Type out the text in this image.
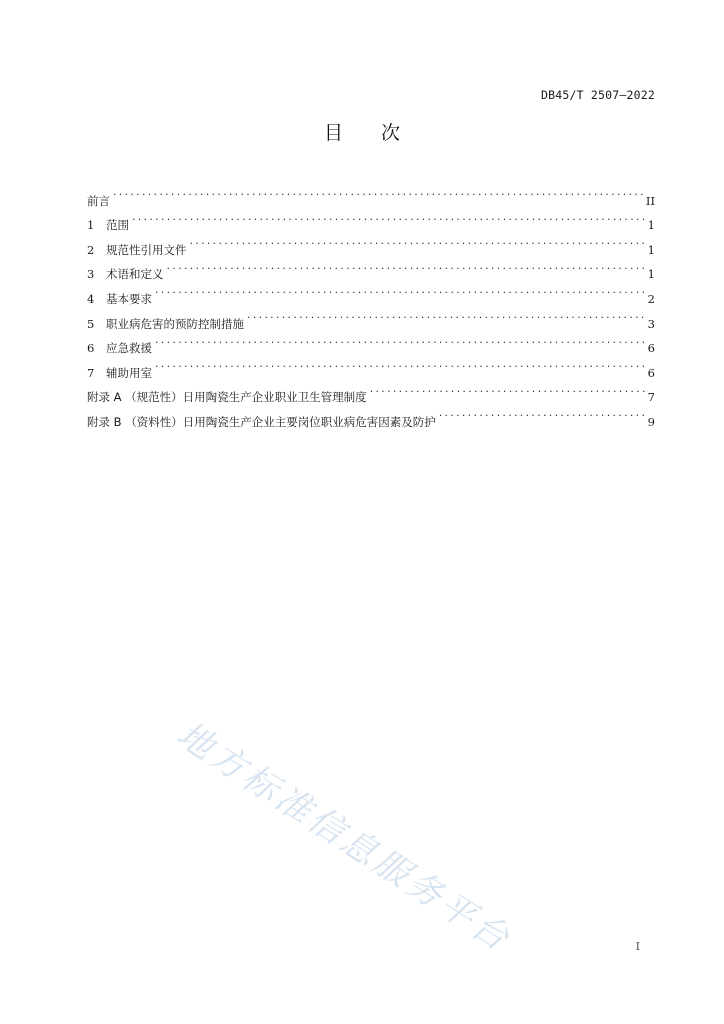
DB45/T 2507—2022
目 次
前言 . . .	II
1	范围 . . .	1
2	规范性引用文件 . . .	1
3	术语和定义 . . .	1
4	基本要求 . . .	2
5	职业病危害的预防控制措施 . . .	3
6	应急救援 . . .	6
7	辅助用室 . . .	6
附录 A （规范性）日用陶瓷生产企业职业卫生管理制度 . . .	7
附录 B （资料性）日用陶瓷生产企业主要岗位职业病危害因素及防护 . . .	9
地方标准信息服务平台	I
